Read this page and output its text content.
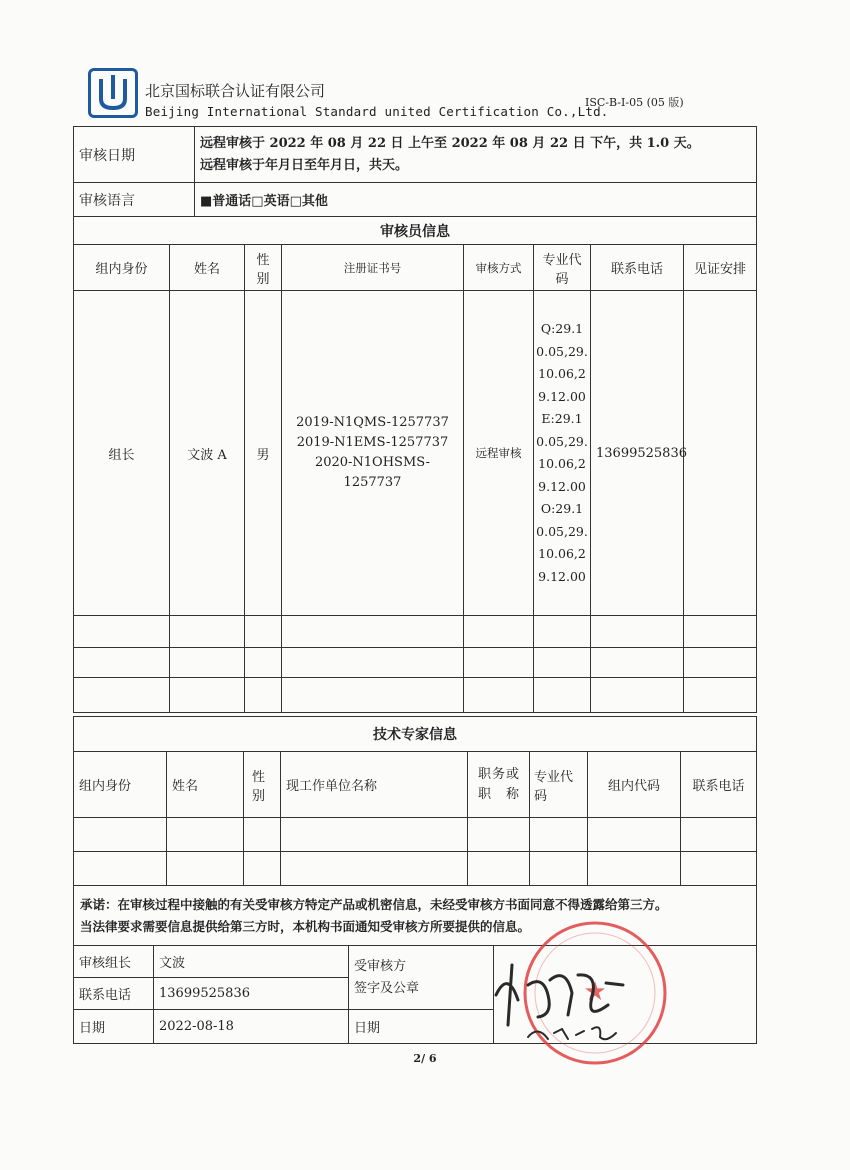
北京国标联合认证有限公司
Beijing International Standard united Certification Co.,Ltd.
ISC-B-I-05 (05 版)
审核日期	远程审核于 2022 年 08 月 22 日 上午至 2022 年 08 月 22 日 下午，共 1.0 天。
远程审核于年月日至年月日，共天。

审核语言	■普通话□英语□其他
审核员信息							
组内身份	姓名	性别	注册证书号	审核方式	专业代码	联系电话	见证安排
组长	文波 A	男	2019-N1QMS-1257737
2019-N1EMS-1257737
2020-N1OHSMS-1257737	远程审核	Q:29.10.05,29.10.06,29.12.00 E:29.10.05,29.10.06,29.12.00 O:29.10.05,29.10.06,29.12.00	13699525836	

技术专家信息							
组内身份	姓名	性别	现工作单位名称	职务或职称	专业代码	组内代码	联系电话

承诺：在审核过程中接触的有关受审核方特定产品或机密信息，未经受审核方书面同意不得透露给第三方。
当法律要求需要信息提供给第三方时，本机构书面通知受审核方所要提供的信息。			

审核组长	文波	受审核方
签字及公章	
联系电话	13699525836		
日期	2022-08-18	日期	
★
2/ 6
